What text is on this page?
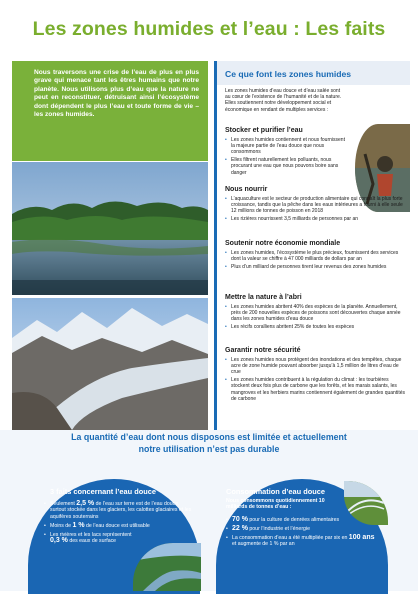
Les zones humides et l’eau : Les faits
Nous traversons une crise de l’eau de plus en plus grave qui menace tant les êtres humains que notre planète. Nous utilisons plus d’eau que la nature ne peut en reconstituer, détruisant ainsi l’écosystème dont dépendent le plus l’eau et toute forme de vie – les zones humides.
Ce que font les zones humides
Les zones humides d’eau douce et d’eau salée sont au cœur de l’existence de l’humanité et de la nature. Elles soutiennent notre développement social et économique en rendant de multiples services :
Stocker et purifier l’eau
• Les zones humides contiennent et nous fournissent la majeure partie de l’eau douce que nous consommons
• Elles filtrent naturellement les polluants, nous procurant une eau que nous pouvons boire sans danger
Nous nourrir
• L’aquaculture est le secteur de production alimentaire qui connaît la plus forte croissance, tandis que la pêche dans les eaux intérieures a fourni à elle seule 12 millions de tonnes de poisson en 2018
• Les rizières nourrissent 3,5 milliards de personnes par an
Soutenir notre économie mondiale
• Les zones humides, l’écosystème le plus précieux, fournissent des services dont la valeur se chiffre à 47 000 milliards de dollars par an
• Plus d’un milliard de personnes tirent leur revenus des zones humides
Mettre la nature à l’abri
• Les zones humides abritent 40% des espèces de la planète. Annuellement, près de 200 nouvelles espèces de poissons sont découvertes chaque année dans les zones humides d’eau douce
• Les récifs coralliens abritent 25% de toutes les espèces
Garantir notre sécurité
• Les zones humides nous protègent des inondations et des tempêtes, chaque acre de zone humide pouvant absorber jusqu’à 1,5 million de litres d’eau de crue
• Les zones humides contribuent à la régulation du climat : les tourbières stockent deux fois plus de carbone que les forêts, et les marais salants, les mangroves et les herbiers marins contiennent également de grandes quantités de carbone
La quantité d’eau dont nous disposons est limitée et actuellement
notre utilisation n’est pas durable
3 faits concernant l’eau douce
• Seulement 2,5 % de l’eau sur terre est de l’eau douce, surtout stockée dans les glaciers, les calottes glaciaires et les aquifères souterrains
• Moins de 1 % de l’eau douce est utilisable
• Les rivières et les lacs représentent 0,3 % des eaux de surface
Consommation d’eau douce
Nous consommons quotidiennement 10 milliards de tonnes d’eau :
• 70 % pour la culture de denrées alimentaires
• 22 % pour l’industrie et l’énergie
• La consommation d’eau a été multipliée par six en 100 ans et augmente de 1 % par an
